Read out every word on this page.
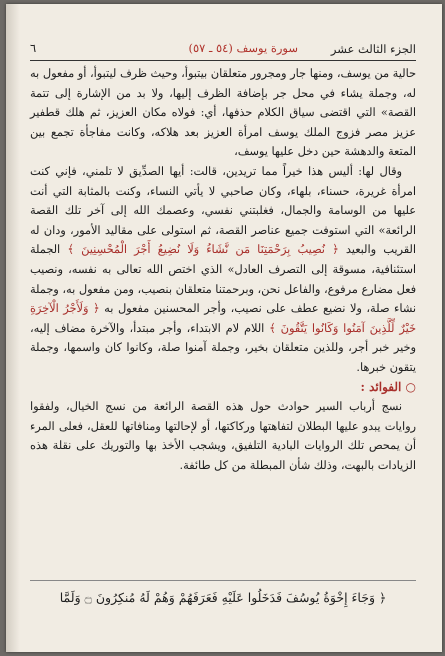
الجزء الثالث عشر
سورة يوسف (٥٤ ـ ٥٧)
٦

حالية من يوسف، ومنها جار ومجرور متعلقان بيتبوأ، وحيث ظرف ليتبوأ، أو مفعول به له، وجملة يشاء في محل جر بإضافة الظرف إليها، ولا بد من الإشارة إلى تتمة القصة» التي اقتضى سياق الكلام حذفها، أي: فولاه مكان العزيز، ثم هلك قطفير عزيز مصر فزوج الملك يوسف امرأة العزيز بعد هلاكه، وكانت مفاجأة تجمع بين المتعة والدهشة حين دخل عليها يوسف،

وقال لها: أليس هذا خيراً مما تريدين، قالت: أيها الصدِّيق لا تلمني، فإني كنت امرأة غريرة، حسناء، بلهاء، وكان صاحبي لا يأتي النساء، وكنت بالمثابة التي أنت عليها من الوسامة والجمال، فغلبتني نفسي، وعصمك الله إلى آخر تلك القصة الرائعة» التي استوفت جميع عناصر القصة، ثم استولى على مقاليد الأمور، ودان له القريب والبعيد ﴿ نُصِيبُ بِرَحْمَتِنَا مَن نَّشَاءُ وَلَا نُضِيعُ أَجْرَ الْمُحْسِنِينَ ﴾ الجملة استئنافية، مسوقة إلى التصرف العادل» الذي اختص الله تعالى به نفسه، ونصيب فعل مضارع مرفوع، والفاعل نحن، وبرحمتنا متعلقان بنصيب، ومن مفعول به، وجملة نشاء صلة، ولا نضيع عطف على نصيب، وأجر المحسنين مفعول به ﴿ وَلَأَجْرُ الْآخِرَةِ خَيْرٌ لِّلَّذِينَ آمَنُوا وَكَانُوا يَتَّقُونَ ﴾ اللام لام الابتداء، وأجر مبتدأ، والآخرة مضاف إليه، وخير خبر أجر، وللذين متعلقان بخير، وجملة آمنوا صلة، وكانوا كان واسمها، وجملة يتقون خبرها.

○ الفوائد :

نسج أرباب السير حوادث حول هذه القصة الرائعة من نسج الخيال، ولفقوا روايات يبدو عليها البطلان لتفاهتها وركاكتها، أو لإحالتها ومنافاتها للعقل، فعلى المرء أن يمحص تلك الروايات البادية التلفيق، ويشجب الأخذ بها والتوريك على نقلة هذه الزيادات بالبهت، وذلك شأن المبطلة من كل طائفة.

﴿ وَجَاءَ إِخْوَةُ يُوسُفَ فَدَخَلُوا عَلَيْهِ فَعَرَفَهُمْ وَهُمْ لَهُ مُنكِرُونَ ۝ وَلَمَّا
